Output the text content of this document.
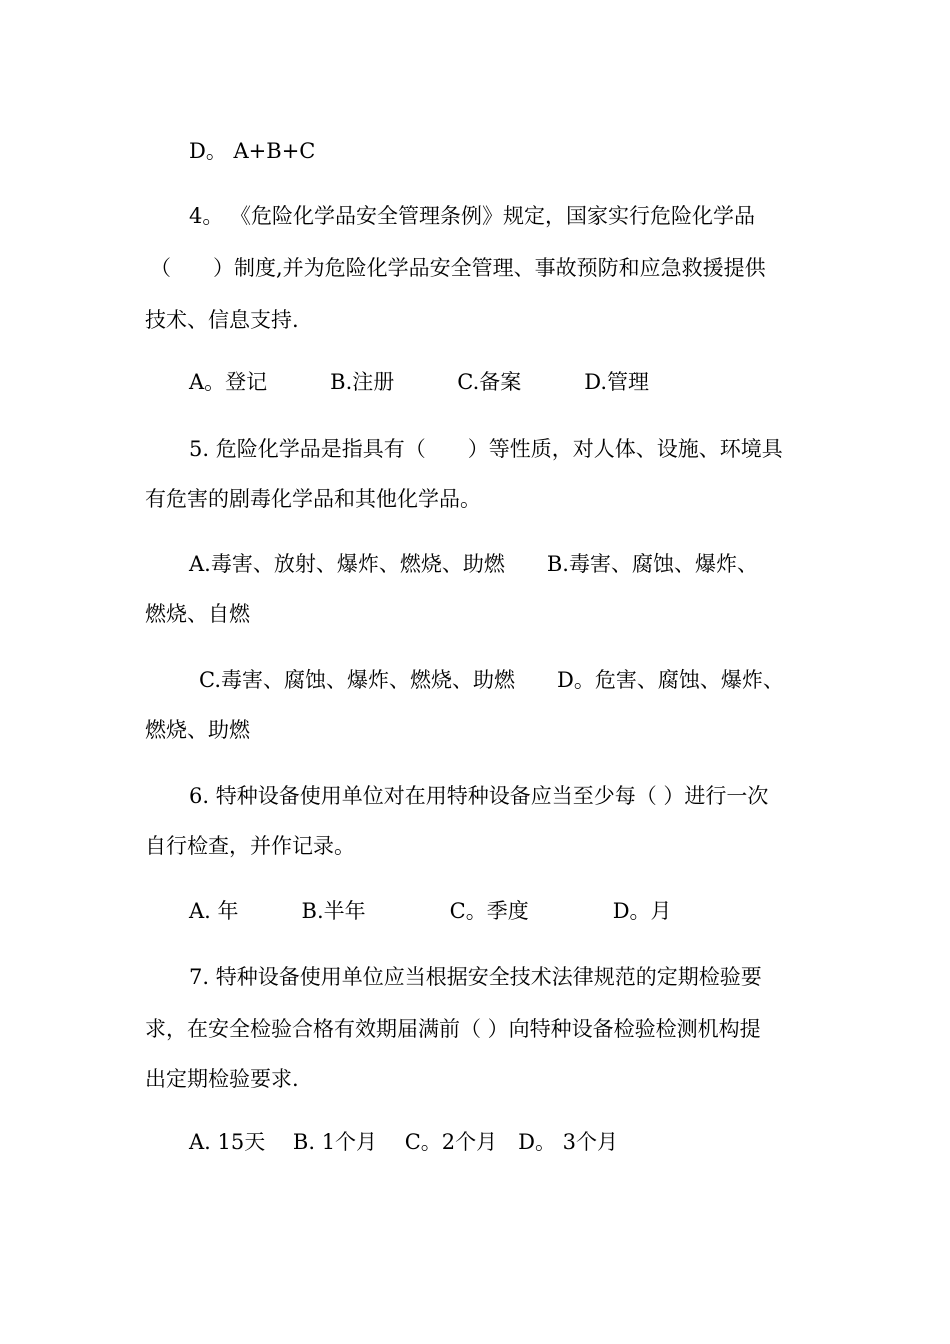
D。 A+B+C
4。 《危险化学品安全管理条例》规定，国家实行危险化学品
（　　）制度,并为危险化学品安全管理、事故预防和应急救援提供
技术、信息支持.
A。登记　　　B.注册　　　C.备案　　　D.管理
5. 危险化学品是指具有（　　）等性质，对人体、设施、环境具
有危害的剧毒化学品和其他化学品。
A.毒害、放射、爆炸、燃烧、助燃　　B.毒害、腐蚀、爆炸、
燃烧、自燃
C.毒害、腐蚀、爆炸、燃烧、助燃　　D。危害、腐蚀、爆炸、
燃烧、助燃
6. 特种设备使用单位对在用特种设备应当至少每（ ）进行一次
自行检查，并作记录。
A. 年　　　B.半年　　　　C。季度　　　　D。月
7. 特种设备使用单位应当根据安全技术法律规范的定期检验要
求，在安全检验合格有效期届满前（ ）向特种设备检验检测机构提
出定期检验要求.
A. 15天　 B. 1个月　 C。2个月　D。 3个月
